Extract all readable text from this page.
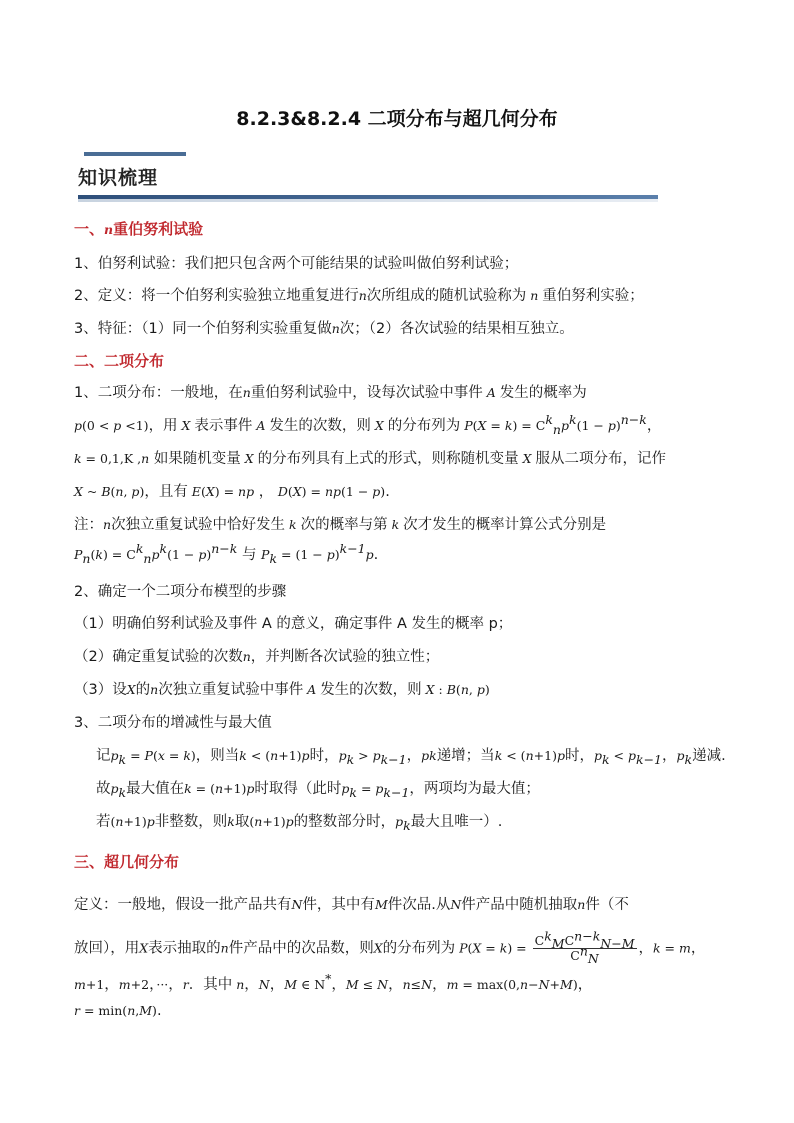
8.2.3&8.2.4 二项分布与超几何分布
知识梳理
一、n重伯努利试验
1、伯努利试验：我们把只包含两个可能结果的试验叫做伯努利试验；
2、定义：将一个伯努利实验独立地重复进行n次所组成的随机试验称为 n 重伯努利实验；
3、特征：（1）同一个伯努利实验重复做n次；（2）各次试验的结果相互独立。
二、二项分布
1、二项分布：一般地，在n重伯努利试验中，设每次试验中事件 A 发生的概率为
p(0 < p <1)，用 X 表示事件 A 发生的次数，则 X 的分布列为 $P(X = k) = C^k_np^k(1 - p)^{n-k}$，
k = 0,1,K ,n 如果随机变量 X 的分布列具有上式的形式，则称随机变量 X 服从二项分布，记作
X ~ B(n, p)，且有 E(X) = np ， D(X) = np(1 − p).
注：n次独立重复试验中恰好发生 k 次的概率与第 k 次才发生的概率计算公式分别是
$P_n(k) = C^k_np^k(1 - p)^{n-k}$ 与 $P_k = (1 - p)^{k-1}p$.
2、确定一个二项分布模型的步骤
（1）明确伯努利试验及事件 A 的意义，确定事件 A 发生的概率 p；
（2）确定重复试验的次数n，并判断各次试验的独立性；
（3）设X的n次独立重复试验中事件 A 发生的次数，则 X : B(n, p)
3、二项分布的增减性与最大值
记$p_k = P(x = k)$，则当k < (n+1)p时，$p_k > p_{k-1}$，pk递增；当k < (n+1)p时，$p_k < p_{k-1}$，$p_k$递减.
故$p_k$最大值在k = (n+1)p时取得（此时$p_k = p_{k-1}$，两项均为最大值；
若(n+1)p非整数，则k取(n+1)p的整数部分时，$p_k$最大且唯一）.
三、超几何分布
定义：一般地，假设一批产品共有N件，其中有M件次品.从N件产品中随机抽取n件（不
放回），用X表示抽取的n件产品中的次品数，则X的分布列为 $P(X = k) = \frac{C^k_MC^{n-k}_{N-M}}{C^n_N}$ ，k = m，
m+1，m+2，···，r．其中 n，N，M ∈ N*，M ≤ N，n≤N，m = max(0,n−N+M)，
r = min(n,M).
